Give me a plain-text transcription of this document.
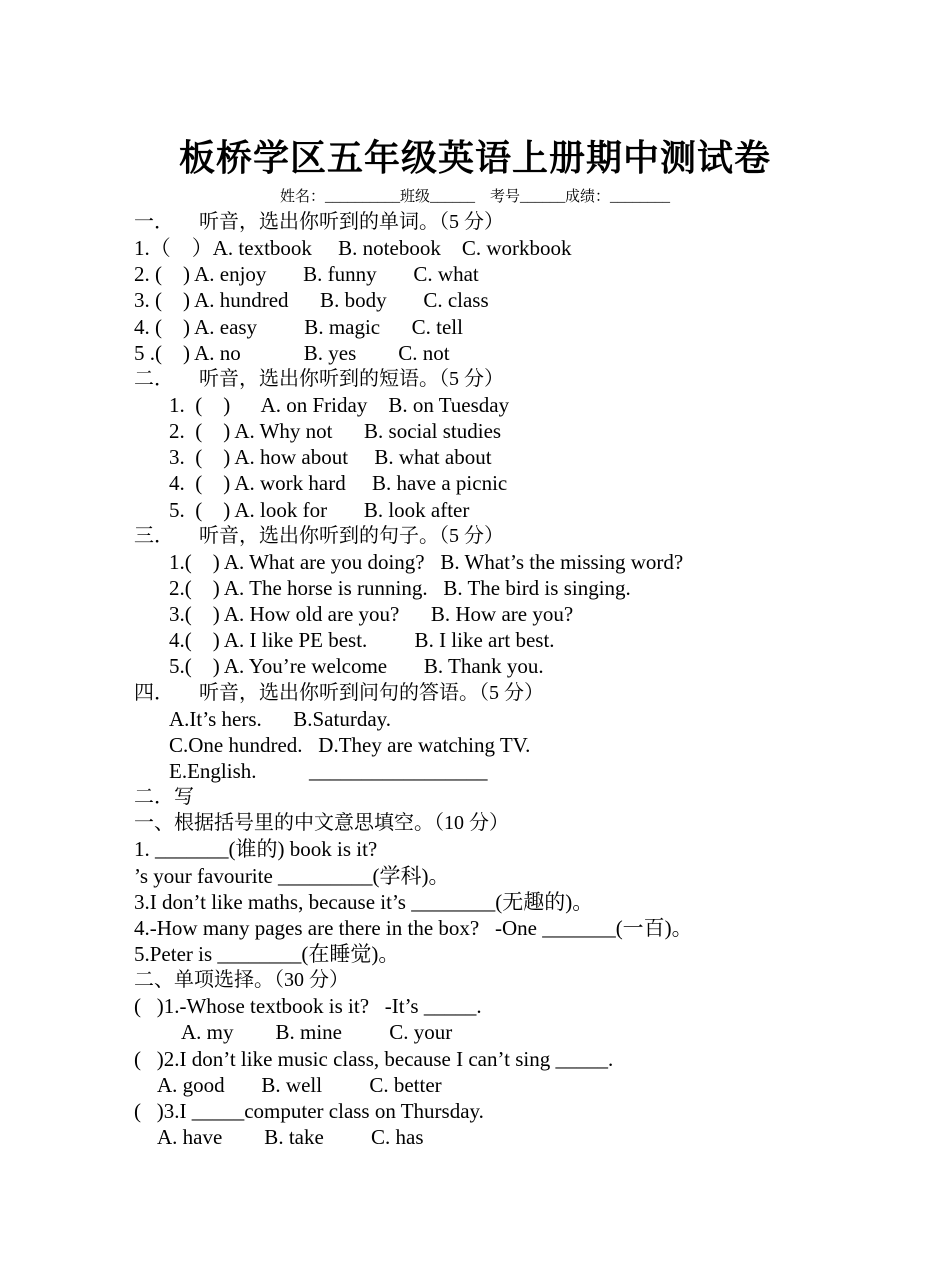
板桥学区五年级英语上册期中测试卷
姓名：__________班级______    考号______成绩：________
一．     听音，选出你听到的单词。（5 分）
1.（    ）A. textbook     B. notebook    C. workbook
2. (    ) A. enjoy       B. funny       C. what
3. (    ) A. hundred      B. body       C. class
4. (    ) A. easy         B. magic      C. tell
5 .(    ) A. no            B. yes        C. not
二．     听音，选出你听到的短语。（5 分）
1.  (    )      A. on Friday    B. on Tuesday
2.  (    ) A. Why not      B. social studies
3.  (    ) A. how about     B. what about
4.  (    ) A. work hard     B. have a picnic
5.  (    ) A. look for       B. look after
三．     听音，选出你听到的句子。（5 分）
1.(    ) A. What are you doing?   B. What’s the missing word?
2.(    ) A. The horse is running.   B. The bird is singing.
3.(    ) A. How old are you?      B. How are you?
4.(    ) A. I like PE best.         B. I like art best.
5.(    ) A. You’re welcome       B. Thank you.
四．     听音，选出你听到问句的答语。（5 分）
A.It’s hers.      B.Saturday.
C.One hundred.   D.They are watching TV.
E.English.          _________________
二．写
一、根据括号里的中文意思填空。（10 分）
1. _______(谁的) book is it?
’s your favourite _________(学科)。
3.I don’t like maths, because it’s ________(无趣的)。
4.-How many pages are there in the box?   -One _______(一百)。
5.Peter is ________(在睡觉)。
二、单项选择。（30 分）
(   )1.-Whose textbook is it?   -It’s _____.
A. my        B. mine         C. your
(   )2.I don’t like music class, because I can’t sing _____.
A. good       B. well         C. better
(   )3.I _____computer class on Thursday.
A. have        B. take         C. has
